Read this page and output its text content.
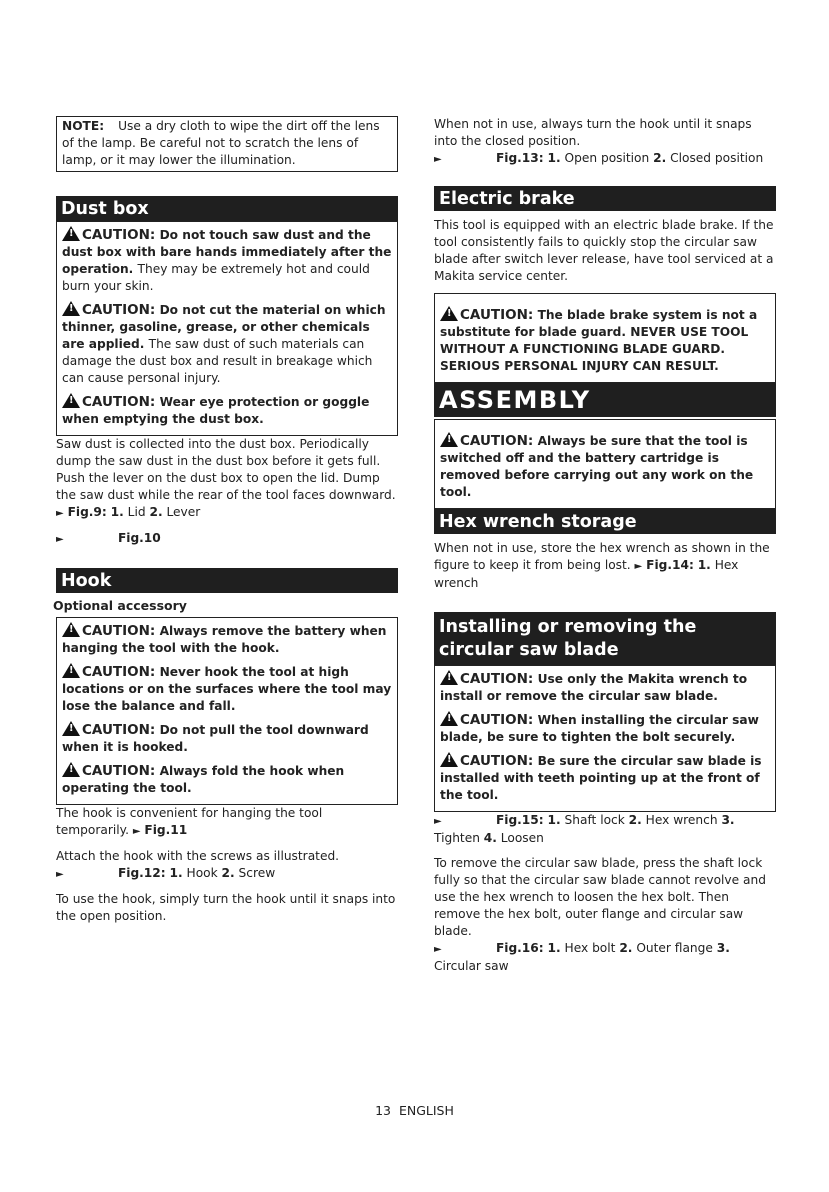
NOTE: Use a dry cloth to wipe the dirt off the lens of the lamp. Be careful not to scratch the lens of lamp, or it may lower the illumination.

Dust box

!CAUTION: Do not touch saw dust and the dust box with bare hands immediately after the operation. They may be extremely hot and could burn your skin.

!CAUTION: Do not cut the material on which thinner, gasoline, grease, or other chemicals are applied. The saw dust of such materials can damage the dust box and result in breakage which can cause personal injury.

!CAUTION: Wear eye protection or goggle when emptying the dust box.

Saw dust is collected into the dust box. Periodically dump the saw dust in the dust box before it gets full. Push the lever on the dust box to open the lid. Dump the saw dust while the rear of the tool faces downward. ► Fig.9: 1. Lid 2. Lever

►	Fig.10

Hook

Optional accessory

!CAUTION: Always remove the battery when hanging the tool with the hook.

!CAUTION: Never hook the tool at high locations or on the surfaces where the tool may lose the balance and fall.

!CAUTION: Do not pull the tool downward when it is hooked.

!CAUTION: Always fold the hook when operating the tool.

The hook is convenient for hanging the tool temporarily. ► Fig.11

Attach the hook with the screws as illustrated.

►	Fig.12: 1. Hook 2. Screw

To use the hook, simply turn the hook until it snaps into the open position.

When not in use, always turn the hook until it snaps into the closed position.

►	Fig.13: 1. Open position 2. Closed position

Electric brake

This tool is equipped with an electric blade brake. If the tool consistently fails to quickly stop the circular saw blade after switch lever release, have tool serviced at a Makita service center.

!CAUTION: The blade brake system is not a substitute for blade guard. NEVER USE TOOL WITHOUT A FUNCTIONING BLADE GUARD. SERIOUS PERSONAL INJURY CAN RESULT.

ASSEMBLY

!CAUTION: Always be sure that the tool is switched off and the battery cartridge is removed before carrying out any work on the tool.

Hex wrench storage

When not in use, store the hex wrench as shown in the figure to keep it from being lost. ► Fig.14: 1. Hex wrench

Installing or removing the circular saw blade

!CAUTION: Use only the Makita wrench to install or remove the circular saw blade.

!CAUTION: When installing the circular saw blade, be sure to tighten the bolt securely.

!CAUTION: Be sure the circular saw blade is installed with teeth pointing up at the front of the tool.

►	Fig.15: 1. Shaft lock 2. Hex wrench 3. Tighten 4. Loosen

To remove the circular saw blade, press the shaft lock fully so that the circular saw blade cannot revolve and use the hex wrench to loosen the hex bolt. Then remove the hex bolt, outer flange and circular saw blade.

►	Fig.16: 1. Hex bolt 2. Outer flange 3. Circular saw

13 ENGLISH
